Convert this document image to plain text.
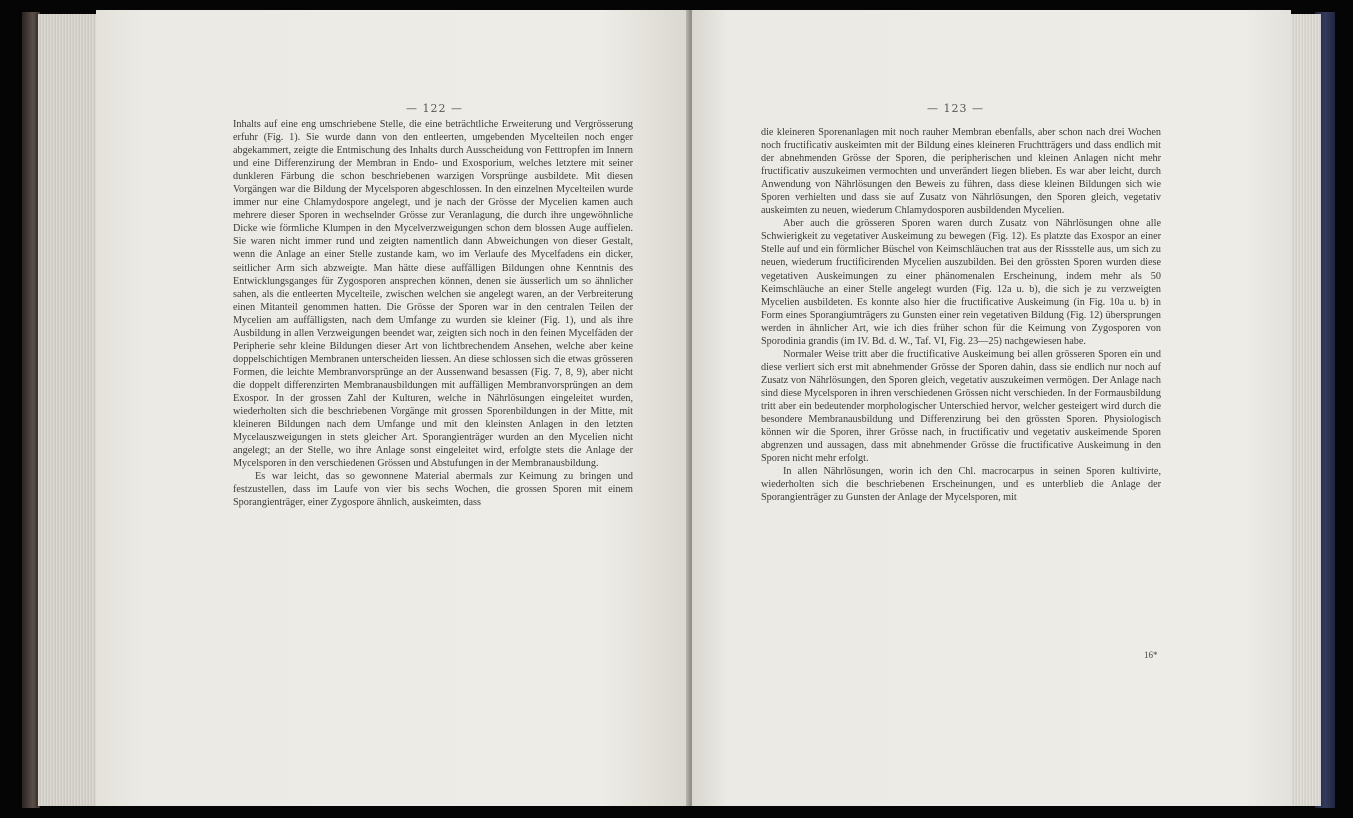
— 122 —

Inhalts auf eine eng umschriebene Stelle, die eine beträchtliche Erweiterung und Vergrösserung erfuhr (Fig. 1). Sie wurde dann von den entleerten, umgebenden Mycelteilen noch enger abgekammert, zeigte die Entmischung des Inhalts durch Ausscheidung von Fetttropfen im Innern und eine Differenzirung der Membran in Endo- und Exosporium, welches letztere mit seiner dunkleren Färbung die schon beschriebenen warzigen Vorsprünge ausbildete. Mit diesen Vorgängen war die Bildung der Mycelsporen abgeschlossen. In den einzelnen Mycelteilen wurde immer nur eine Chlamydospore angelegt, und je nach der Grösse der Mycelien kamen auch mehrere dieser Sporen in wechselnder Grösse zur Veranlagung, die durch ihre ungewöhnliche Dicke wie förmliche Klumpen in den Mycelverzweigungen schon dem blossen Auge auffielen. Sie waren nicht immer rund und zeigten namentlich dann Abweichungen von dieser Gestalt, wenn die Anlage an einer Stelle zustande kam, wo im Verlaufe des Mycelfadens ein dicker, seitlicher Arm sich abzweigte. Man hätte diese auffälligen Bildungen ohne Kenntnis des Entwicklungsganges für Zygosporen ansprechen können, denen sie äusserlich um so ähnlicher sahen, als die entleerten Mycelteile, zwischen welchen sie angelegt waren, an der Verbreiterung einen Mitanteil genommen hatten. Die Grösse der Sporen war in den centralen Teilen der Mycelien am auffälligsten, nach dem Umfange zu wurden sie kleiner (Fig. 1), und als ihre Ausbildung in allen Verzweigungen beendet war, zeigten sich noch in den feinen Mycelfäden der Peripherie sehr kleine Bildungen dieser Art von lichtbrechendem Ansehen, welche aber keine doppelschichtigen Membranen unterscheiden liessen. An diese schlossen sich die etwas grösseren Formen, die leichte Membranvorsprünge an der Aussenwand besassen (Fig. 7, 8, 9), aber nicht die doppelt differenzirten Membranausbildungen mit auffälligen Membranvorsprüngen an dem Exospor. In der grossen Zahl der Kulturen, welche in Nährlösungen eingeleitet wurden, wiederholten sich die beschriebenen Vorgänge mit grossen Sporenbildungen in der Mitte, mit kleineren Bildungen nach dem Umfange und mit den kleinsten Anlagen in den letzten Mycelauszweigungen in stets gleicher Art. Sporangienträger wurden an den Mycelien nicht angelegt; an der Stelle, wo ihre Anlage sonst eingeleitet wird, erfolgte stets die Anlage der Mycelsporen in den verschiedenen Grössen und Abstufungen in der Membranausbildung.

Es war leicht, das so gewonnene Material abermals zur Keimung zu bringen und festzustellen, dass im Laufe von vier bis sechs Wochen, die grossen Sporen mit einem Sporangienträger, einer Zygospore ähnlich, auskeimten, dass

— 123 —

die kleineren Sporenanlagen mit noch rauher Membran ebenfalls, aber schon nach drei Wochen noch fructificativ auskeimten mit der Bildung eines kleineren Fruchtträgers und dass endlich mit der abnehmenden Grösse der Sporen, die peripherischen und kleinen Anlagen nicht mehr fructificativ auszukeimen vermochten und unverändert liegen blieben. Es war aber leicht, durch Anwendung von Nährlösungen den Beweis zu führen, dass diese kleinen Bildungen sich wie Sporen verhielten und dass sie auf Zusatz von Nährlösungen, den Sporen gleich, vegetativ auskeimten zu neuen, wiederum Chlamydosporen ausbildenden Mycelien.

Aber auch die grösseren Sporen waren durch Zusatz von Nährlösungen ohne alle Schwierigkeit zu vegetativer Auskeimung zu bewegen (Fig. 12). Es platzte das Exospor an einer Stelle auf und ein förmlicher Büschel von Keimschläuchen trat aus der Rissstelle aus, um sich zu neuen, wiederum fructificirenden Mycelien auszubilden. Bei den grössten Sporen wurden diese vegetativen Auskeimungen zu einer phänomenalen Erscheinung, indem mehr als 50 Keimschläuche an einer Stelle angelegt wurden (Fig. 12a u. b), die sich je zu verzweigten Mycelien ausbildeten. Es konnte also hier die fructificative Auskeimung (in Fig. 10a u. b) in Form eines Sporangiumträgers zu Gunsten einer rein vegetativen Bildung (Fig. 12) übersprungen werden in ähnlicher Art, wie ich dies früher schon für die Keimung von Zygosporen von Sporodinia grandis (im IV. Bd. d. W., Taf. VI, Fig. 23—25) nachgewiesen habe.

Normaler Weise tritt aber die fructificative Auskeimung bei allen grösseren Sporen ein und diese verliert sich erst mit abnehmender Grösse der Sporen dahin, dass sie endlich nur noch auf Zusatz von Nährlösungen, den Sporen gleich, vegetativ auszukeimen vermögen. Der Anlage nach sind diese Mycelsporen in ihren verschiedenen Grössen nicht verschieden. In der Formausbildung tritt aber ein bedeutender morphologischer Unterschied hervor, welcher gesteigert wird durch die besondere Membranausbildung und Differenzirung bei den grössten Sporen. Physiologisch können wir die Sporen, ihrer Grösse nach, in fructificativ und vegetativ auskeimende Sporen abgrenzen und aussagen, dass mit abnehmender Grösse die fructificative Auskeimung in den Sporen nicht mehr erfolgt.

In allen Nährlösungen, worin ich den Chl. macrocarpus in seinen Sporen kultivirte, wiederholten sich die beschriebenen Erscheinungen, und es unterblieb die Anlage der Sporangienträger zu Gunsten der Anlage der Mycelsporen, mit

16*
